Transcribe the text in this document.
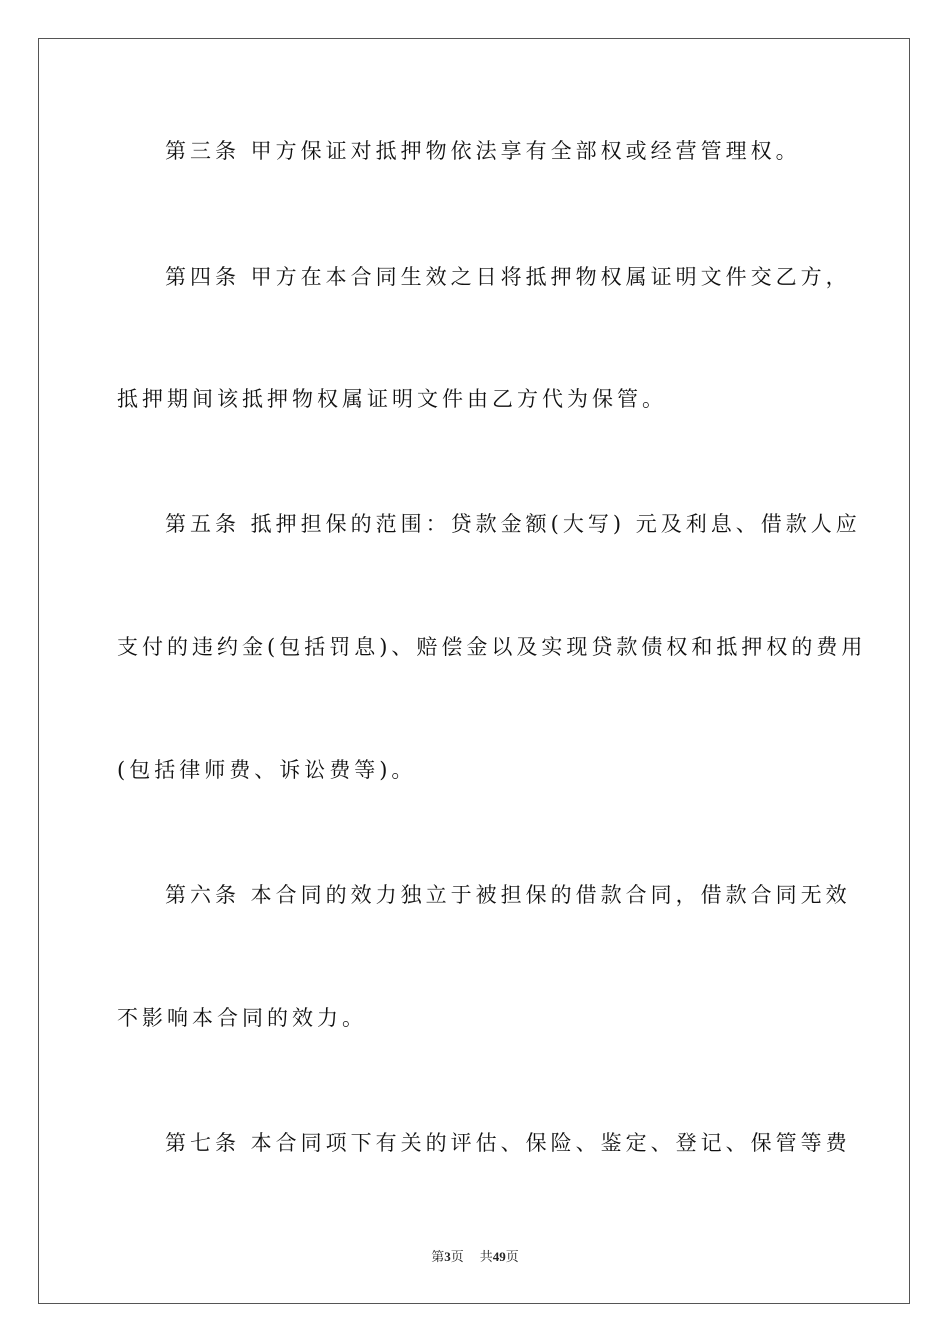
第三条 甲方保证对抵押物依法享有全部权或经营管理权。
第四条 甲方在本合同生效之日将抵押物权属证明文件交乙方，
抵押期间该抵押物权属证明文件由乙方代为保管。
第五条 抵押担保的范围：贷款金额(大写) 元及利息、借款人应
支付的违约金(包括罚息)、赔偿金以及实现贷款债权和抵押权的费用
(包括律师费、诉讼费等)。
第六条 本合同的效力独立于被担保的借款合同，借款合同无效
不影响本合同的效力。
第七条 本合同项下有关的评估、保险、鉴定、登记、保管等费
第3页 共49页
